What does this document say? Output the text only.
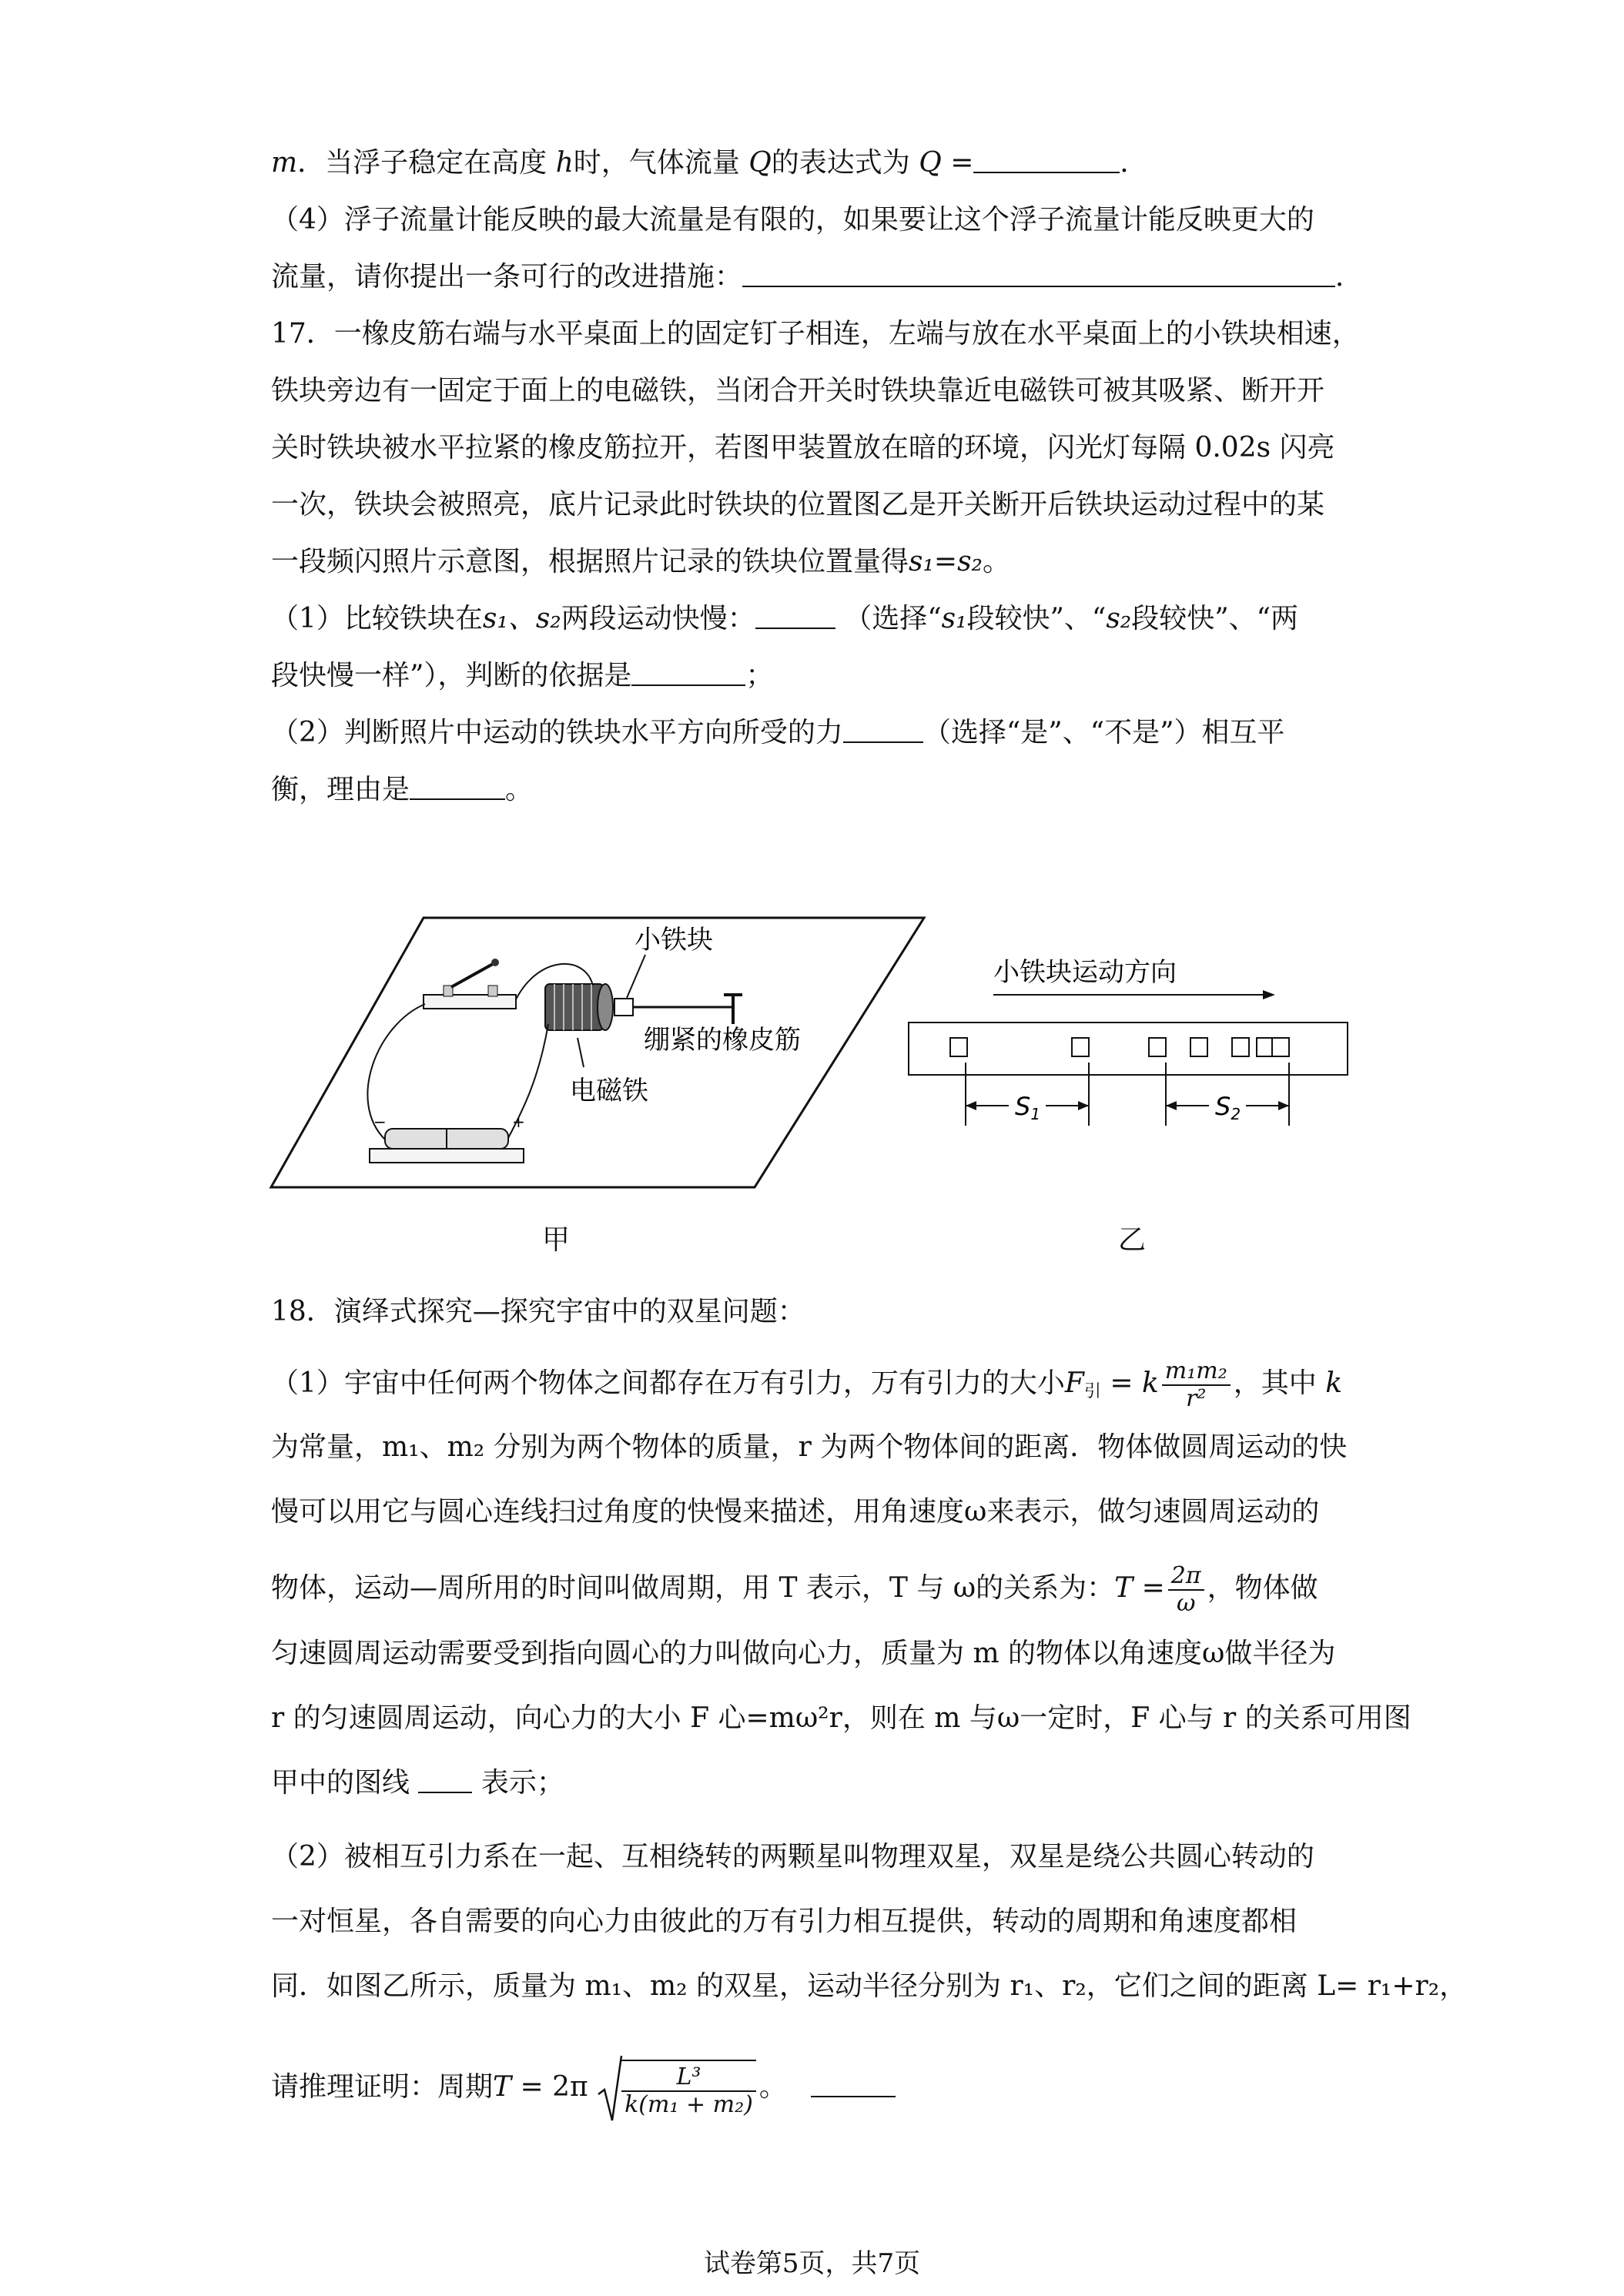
m．当浮子稳定在高度 h时，气体流量 Q的表达式为 Q =	．
（4）浮子流量计能反映的最大流量是有限的，如果要让这个浮子流量计能反映更大的
流量，请你提出一条可行的改进措施：	．
17．一橡皮筋右端与水平桌面上的固定钉子相连，左端与放在水平桌面上的小铁块相速，
铁块旁边有一固定于面上的电磁铁，当闭合开关时铁块靠近电磁铁可被其吸紧、断开开
关时铁块被水平拉紧的橡皮筋拉开，若图甲装置放在暗的环境，闪光灯每隔 0.02s 闪亮
一次，铁块会被照亮，底片记录此时铁块的位置图乙是开关断开后铁块运动过程中的某
一段频闪照片示意图，根据照片记录的铁块位置量得s₁=s₂。
（1）比较铁块在s₁、s₂两段运动快慢：	（选择“s₁段较快”、“s₂段较快”、“两
段快慢一样”），判断的依据是	；
（2）判断照片中运动的铁块水平方向所受的力	（选择“是”、“不是”）相互平
衡，理由是	。
+
−
小铁块
绷紧的橡皮筋
电磁铁
甲
小铁块运动方向
S1	S2
乙
18．演绎式探究—探究宇宙中的双星问题：
（1）宇宙中任何两个物体之间都存在万有引力，万有引力的大小$F_引 = k \frac{\text{m₁m₂}}{\text{r²}}$ ，其中 k
为常量，m₁、m₂ 分别为两个物体的质量，r 为两个物体间的距离．物体做圆周运动的快
慢可以用它与圆心连线扫过角度的快慢来描述，用角速度ω来表示，做匀速圆周运动的
物体，运动—周所用的时间叫做周期，用 T 表示，T 与 ω的关系为：$T = \frac{2\pi}{\omega}$ ，物体做
匀速圆周运动需要受到指向圆心的力叫做向心力，质量为 m 的物体以角速度ω做半径为
r 的匀速圆周运动，向心力的大小 F 心=mω²r，则在 m 与ω一定时，F 心与 r 的关系可用图
甲中的图线	表示；
（2）被相互引力系在一起、互相绕转的两颗星叫物理双星，双星是绕公共圆心转动的
一对恒星，各自需要的向心力由彼此的万有引力相互提供，转动的周期和角速度都相
同．如图乙所示，质量为 m₁、m₂ 的双星，运动半径分别为 r₁、r₂，它们之间的距离 L= r₁+r₂，
请推理证明：周期$T = 2\pi \frac{\text{L³}}{\text{k(m₁ + m₂)}}$ 。
试卷第5页，共7页
